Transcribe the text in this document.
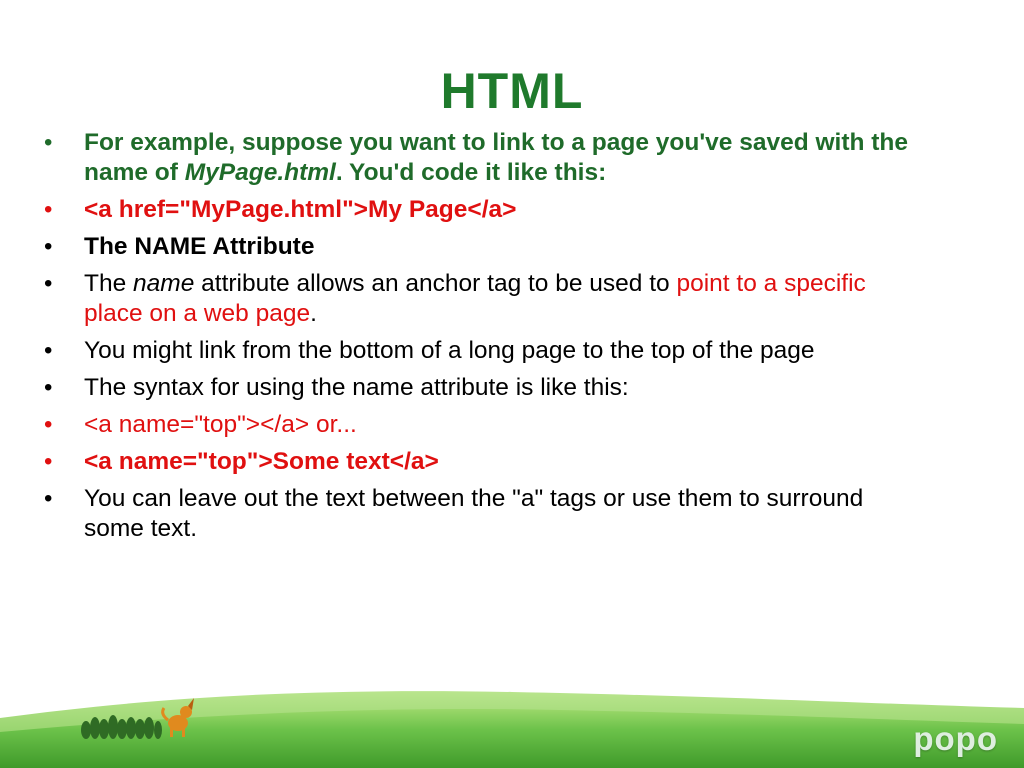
HTML
•	For example, suppose you want to link to a page you've saved with the name of MyPage.html. You'd code it like this:
•	<a href="MyPage.html">My Page</a>
•	The NAME Attribute
•	The name attribute allows an anchor tag to be used to point to a specific place on a web page.
•	You might link from the bottom of a long page to the top of the page
•	The syntax for using the name attribute is like this:
•	<a name="top"></a> or...
•	<a name="top">Some text</a>
•	You can leave out the text between the "a" tags or use them to surround some text.
popo
